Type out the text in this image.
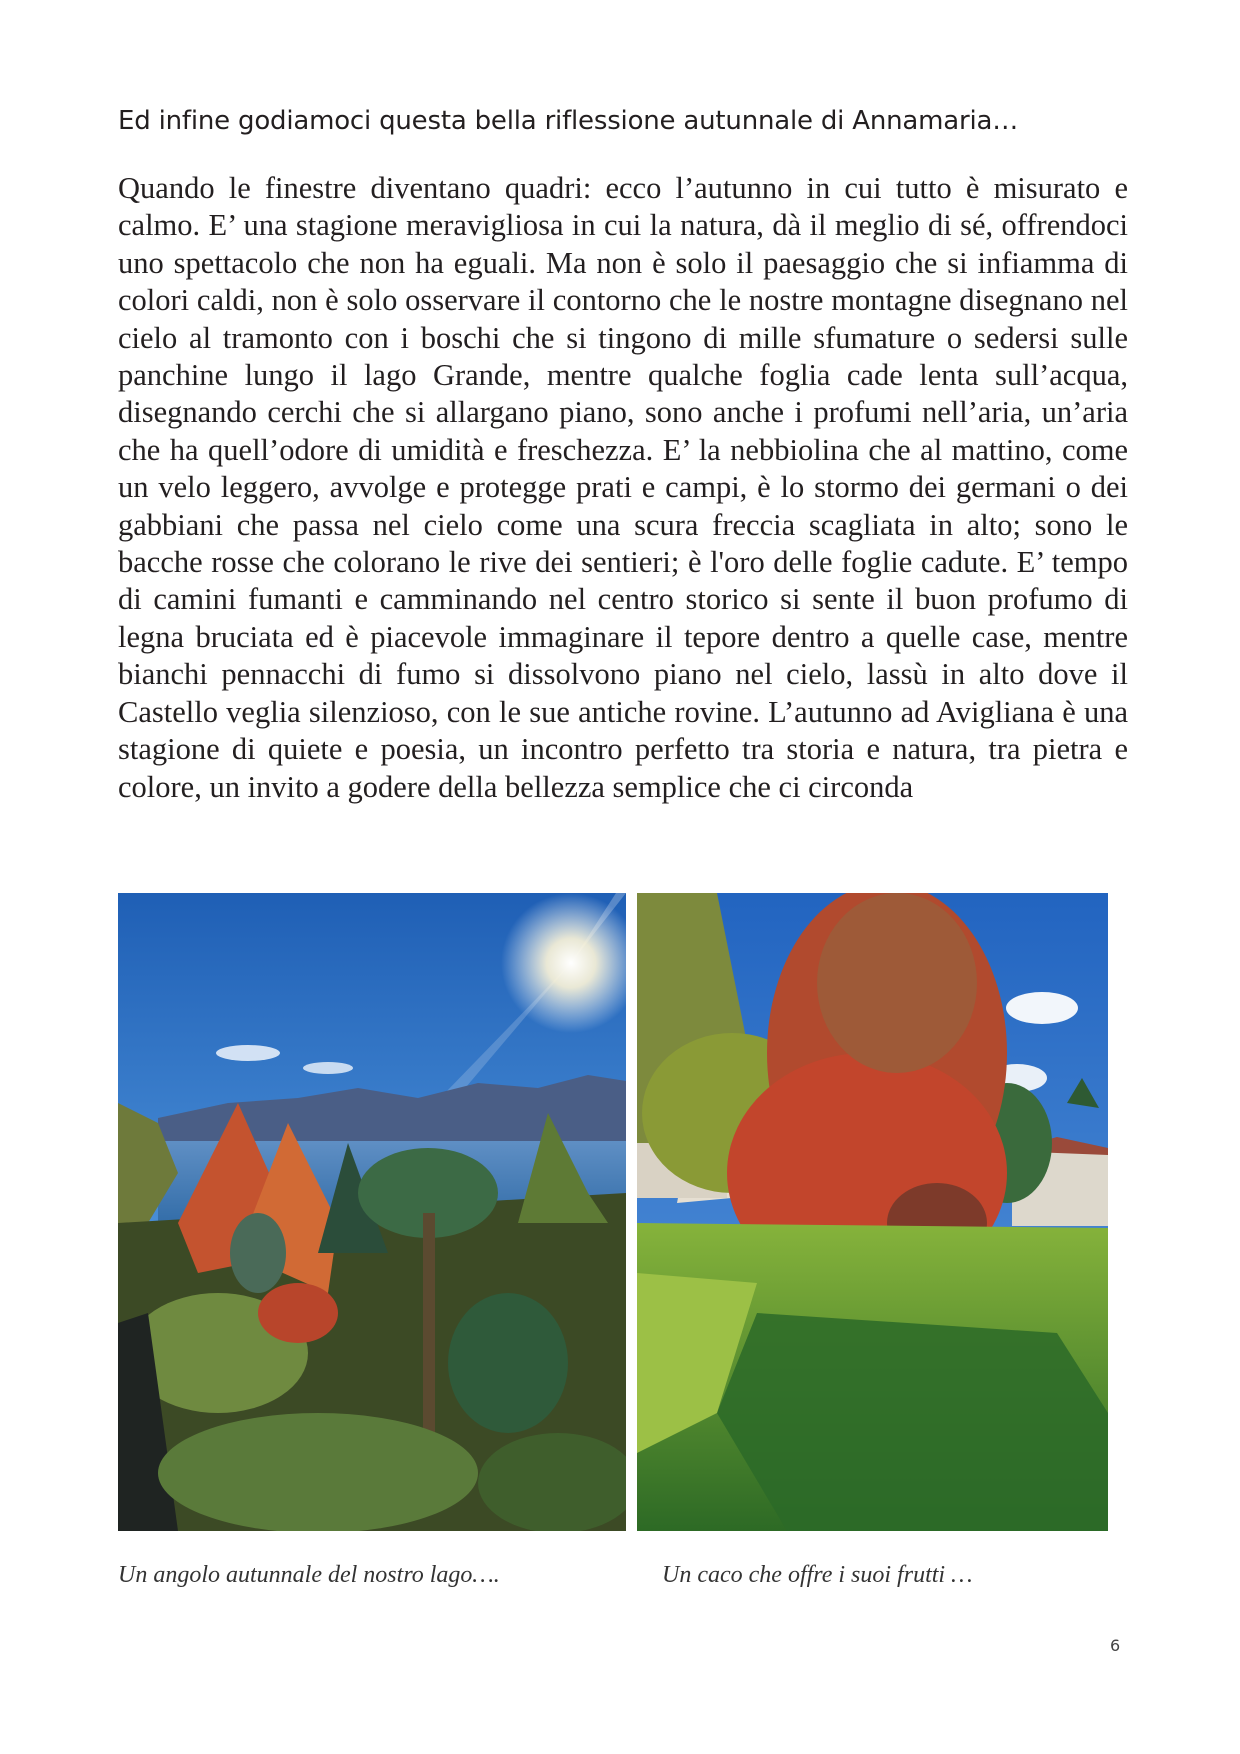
Ed infine godiamoci questa bella riflessione autunnale di Annamaria…

Quando le finestre diventano quadri: ecco l’autunno in cui tutto è misurato e calmo. E’ una stagione meravigliosa in cui la natura, dà il meglio di sé, offrendoci uno spettacolo che non ha eguali. Ma non è solo il paesaggio che si infiamma di colori caldi, non è solo osservare il contorno che le nostre montagne disegnano nel cielo al tramonto con i boschi che si tingono di mille sfumature o sedersi sulle panchine lungo il lago Grande, mentre qualche foglia cade lenta sull’acqua, disegnando cerchi che si allargano piano, sono anche i profumi nell’aria, un’aria che ha quell’odore di umidità e freschezza. E’ la nebbiolina che al mattino, come un velo leggero, avvolge e protegge prati e campi, è lo stormo dei germani o dei gabbiani che passa nel cielo come una scura freccia scagliata in alto; sono le bacche rosse che colorano le rive dei sentieri; è l'oro delle foglie cadute. E’ tempo di camini fumanti e camminando nel centro storico si sente il buon profumo di legna bruciata ed è piacevole immaginare il tepore dentro a quelle case, mentre bianchi pennacchi di fumo si dissolvono piano nel cielo, lassù in alto dove il Castello veglia silenzioso, con le sue antiche rovine. L’autunno ad Avigliana è una stagione di quiete e poesia, un incontro perfetto tra storia e natura, tra pietra e colore, un invito a godere della bellezza semplice che ci circonda

Un angolo autunnale del nostro lago….	Un caco che offre i suoi frutti …

6
